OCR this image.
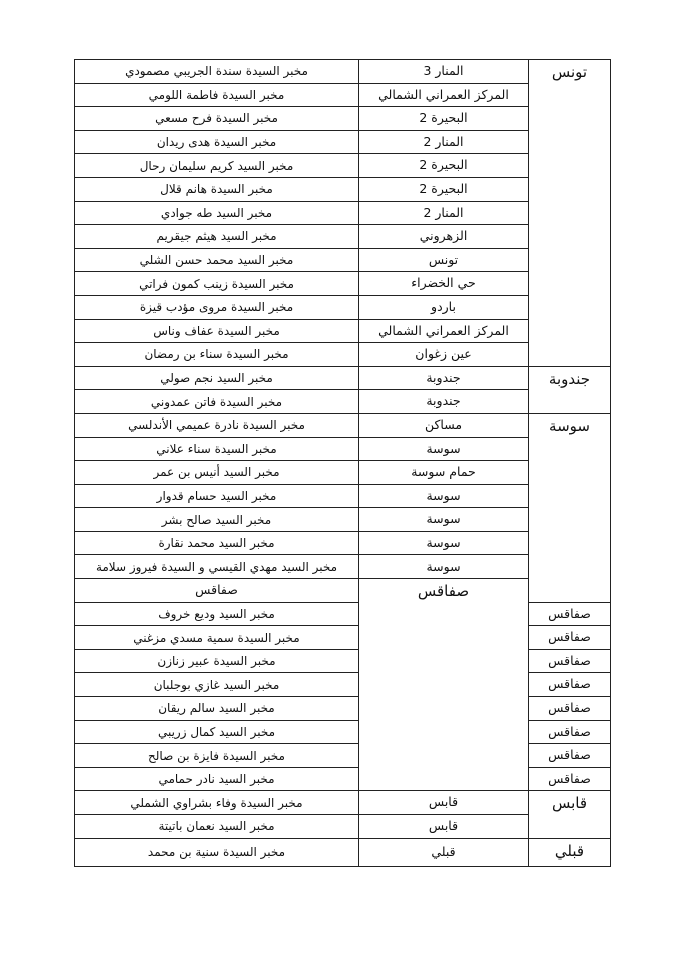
تونس	المنار 3	مخبر السيدة سندة الجريبي مصمودي	
	المركز العمراني الشمالي	مخبر السيدة فاطمة اللومي	
	البحيرة 2	مخبر السيدة فرح مسعي	
	المنار 2	مخبر السيدة هدى ريدان	
	البحيرة 2	مخبر السيد كريم سليمان رحال	
	البحيرة 2	مخبر السيدة هانم قلال	
	المنار 2	مخبر السيد طه جوادي	
	الزهروني	مخبر السيد هيثم جيقريم	
	تونس	مخبر السيد محمد حسن الشلي	
	حي الخضراء	مخبر السيدة زينب كمون فراتي	
	باردو	مخبر السيدة مروى مؤدب قيزة	
	المركز العمراني الشمالي	مخبر السيدة عفاف وناس	
	عين زغوان	مخبر السيدة سناء بن رمضان	
جندوبة	جندوبة	مخبر السيد نجم صولي	
	جندوبة	مخبر السيدة فاتن عمدوني	
سوسة	مساكن	مخبر السيدة نادرة عميمي الأندلسي	
	سوسة	مخبر السيدة سناء علاني	
	حمام سوسة	مخبر السيد أنيس بن عمر	
	سوسة	مخبر السيد حسام قدوار	
	سوسة	مخبر السيد صالح بشر	
	سوسة	مخبر السيد محمد نقارة	
	سوسة	مخبر السيد مهدي القيسي و السيدة فيروز سلامة	
	صفاقس	صفاقس	
صفاقس		مخبر السيد وديع خروف	
صفاقس		مخبر السيدة سمية مسدي مزغني	
صفاقس		مخبر السيدة عبير زنازن	
صفاقس		مخبر السيد غازي بوجلبان	
صفاقس		مخبر السيد سالم ريقان	
صفاقس		مخبر السيد كمال زريبي	
صفاقس		مخبر السيدة فايزة بن صالح	
صفاقس		مخبر السيد نادر حمامي	
قابس	قابس	مخبر السيدة وفاء بشراوي الشملي	
	قابس	مخبر السيد نعمان باتيتة	
قبلي	قبلي	مخبر السيدة سنية بن محمد	
